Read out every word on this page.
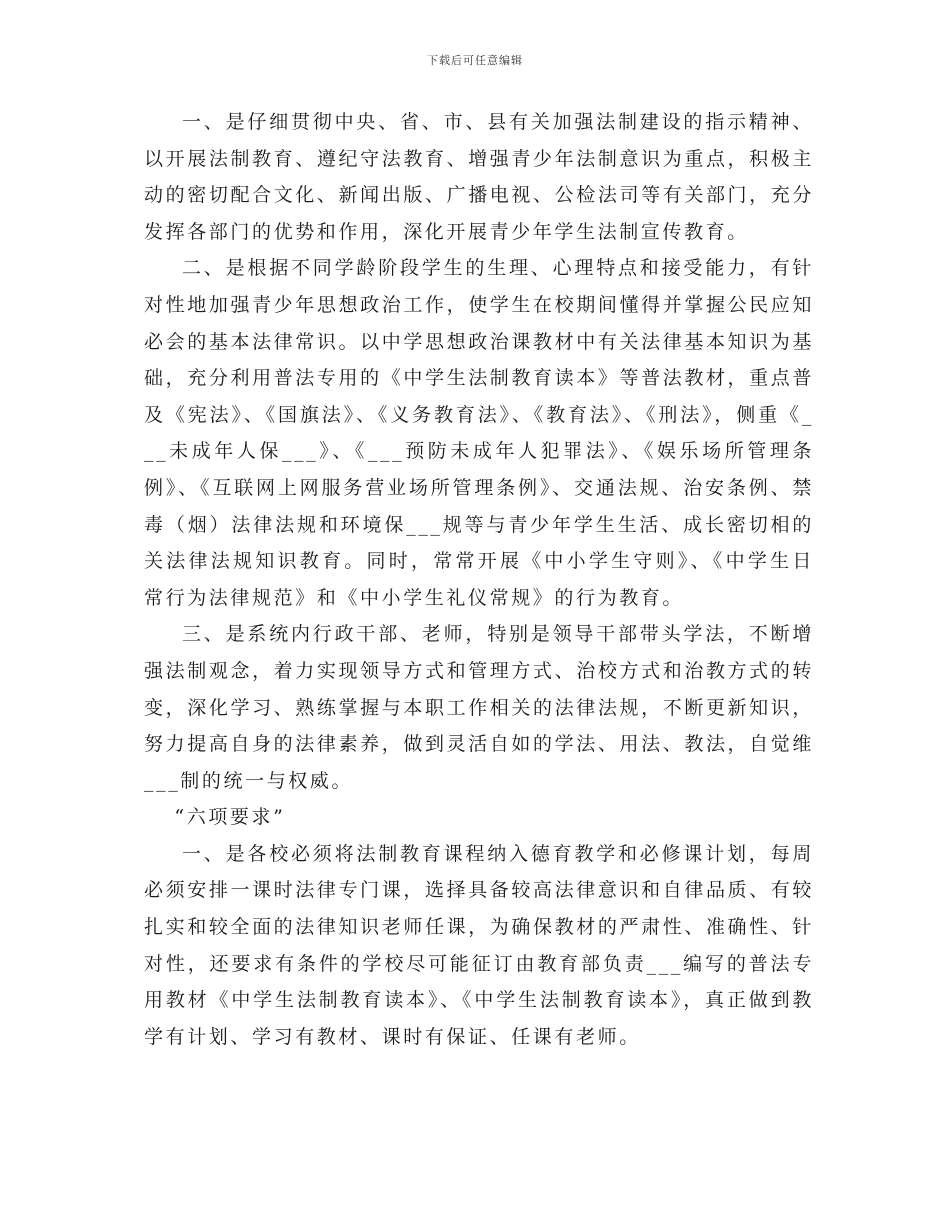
下载后可任意编辑

一、是仔细贯彻中央、省、市、县有关加强法制建设的指示精神、以开展法制教育、遵纪守法教育、增强青少年法制意识为重点，积极主动的密切配合文化、新闻出版、广播电视、公检法司等有关部门，充分发挥各部门的优势和作用，深化开展青少年学生法制宣传教育。

二、是根据不同学龄阶段学生的生理、心理特点和接受能力，有针对性地加强青少年思想政治工作，使学生在校期间懂得并掌握公民应知必会的基本法律常识。以中学思想政治课教材中有关法律基本知识为基础，充分利用普法专用的《中学生法制教育读本》等普法教材，重点普及《宪法》、《国旗法》、《义务教育法》、《教育法》、《刑法》，侧重《___未成年人保___》、《___预防未成年人犯罪法》、《娱乐场所管理条例》、《互联网上网服务营业场所管理条例》、交通法规、治安条例、禁毒（烟）法律法规和环境保___规等与青少年学生生活、成长密切相的关法律法规知识教育。同时，常常开展《中小学生守则》、《中学生日常行为法律规范》和《中小学生礼仪常规》的行为教育。

三、是系统内行政干部、老师，特别是领导干部带头学法，不断增强法制观念，着力实现领导方式和管理方式、治校方式和治教方式的转变，深化学习、熟练掌握与本职工作相关的法律法规，不断更新知识，努力提高自身的法律素养，做到灵活自如的学法、用法、教法，自觉维___制的统一与权威。

“六项要求”

一、是各校必须将法制教育课程纳入德育教学和必修课计划，每周必须安排一课时法律专门课，选择具备较高法律意识和自律品质、有较扎实和较全面的法律知识老师任课，为确保教材的严肃性、准确性、针对性，还要求有条件的学校尽可能征订由教育部负责___编写的普法专用教材《中学生法制教育读本》、《中学生法制教育读本》，真正做到教学有计划、学习有教材、课时有保证、任课有老师。
